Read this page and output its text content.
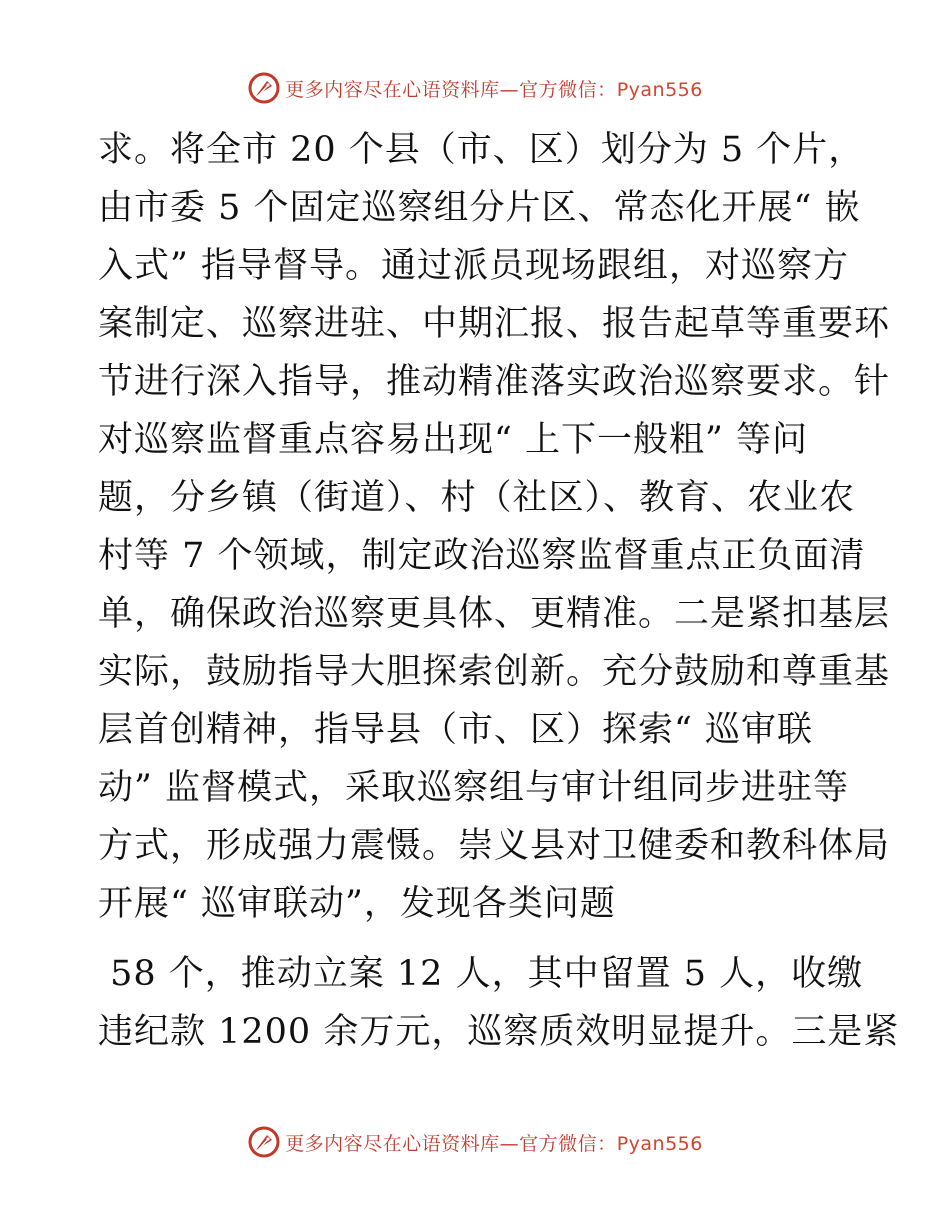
更多内容尽在心语资料库—官方微信：Pyan556
求。将全市 20 个县（市、区）划分为 5 个片，
由市委 5 个固定巡察组分片区、常态化开展“ 嵌
入式” 指导督导。通过派员现场跟组，对巡察方
案制定、巡察进驻、中期汇报、报告起草等重要环
节进行深入指导，推动精准落实政治巡察要求。针
对巡察监督重点容易出现“ 上下一般粗” 等问
题，分乡镇（街道）、村（社区）、教育、农业农
村等 7 个领域，制定政治巡察监督重点正负面清
单，确保政治巡察更具体、更精准。二是紧扣基层
实际，鼓励指导大胆探索创新。充分鼓励和尊重基
层首创精神，指导县（市、区）探索“ 巡审联
动” 监督模式，采取巡察组与审计组同步进驻等
方式，形成强力震慑。崇义县对卫健委和教科体局
开展“ 巡审联动”，发现各类问题
58 个，推动立案 12 人，其中留置 5 人，收缴
违纪款 1200 余万元，巡察质效明显提升。三是紧
更多内容尽在心语资料库—官方微信：Pyan556
